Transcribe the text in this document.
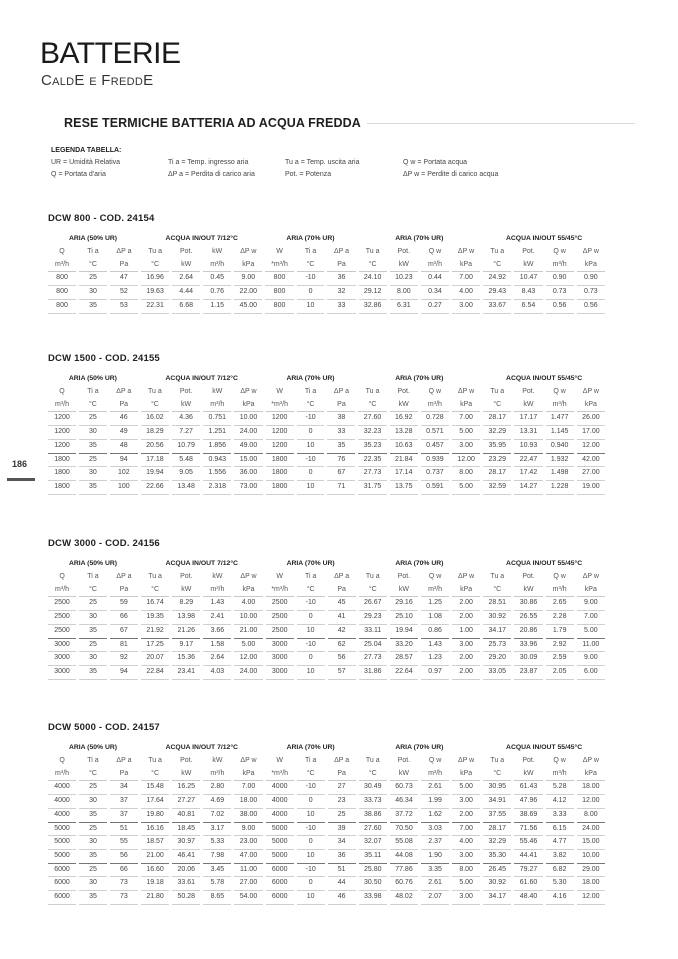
BATTERIE
CaldE e FreddE
RESE TERMICHE BATTERIA AD ACQUA FREDDA
LEGENDA TABELLA:
UR = Umidità Relativa	Ti a = Temp. ingresso aria	Tu a = Temp. uscita aria	Q w = Portata acqua
Q = Portata d'aria	ΔP a = Perdita di carico aria	Pot. = Potenza	ΔP w = Perdite di carico acqua
186
DCW 800 - COD. 24154
ARIA (50% UR)			ACQUA IN/OUT 7/12°C				ARIA (70% UR)			ARIA (70% UR)				ACQUA IN/OUT 55/45°C			
Q	Ti a	ΔP a	Tu a	Pot.	kW	ΔP w	W	Ti a	ΔP a	Tu a	Pot.	Q w	ΔP w	Tu a	Pot.	Q w	ΔP w
m³/h	°C	Pa	°C	kW	m³/h	kPa	*m³/h	°C	Pa	°C	kW	m³/h	kPa	°C	kW	m³/h	kPa
800	25	47	16.96	2.64	0.45	9.00	800	-10	36	24.10	10.23	0.44	7.00	24.92	10.47	0.90	0.90
800	30	52	19.63	4.44	0.76	22.00	800	0	32	29.12	8.00	0.34	4.00	29.43	8.43	0.73	0.73
800	35	53	22.31	6.68	1.15	45.00	800	10	33	32.86	6.31	0.27	3.00	33.67	6.54	0.56	0.56
DCW 1500 - COD. 24155
ARIA (50% UR)			ACQUA IN/OUT 7/12°C				ARIA (70% UR)			ARIA (70% UR)				ACQUA IN/OUT 55/45°C			
Q	Ti a	ΔP a	Tu a	Pot.	kW	ΔP w	W	Ti a	ΔP a	Tu a	Pot.	Q w	ΔP w	Tu a	Pot.	Q w	ΔP w
m³/h	°C	Pa	°C	kW	m³/h	kPa	*m³/h	°C	Pa	°C	kW	m³/h	kPa	°C	kW	m³/h	kPa
1200	25	46	16.02	4.36	0.751	10.00	1200	-10	38	27.60	16.92	0.728	7.00	28.17	17.17	1.477	26.00
1200	30	49	18.29	7.27	1.251	24.00	1200	0	33	32.23	13.28	0.571	5.00	32.29	13.31	1.145	17.00
1200	35	48	20.56	10.79	1.856	49.00	1200	10	35	35.23	10.63	0.457	3.00	35.95	10.93	0.940	12.00
1800	25	94	17.18	5.48	0.943	15.00	1800	-10	76	22.35	21.84	0.939	12.00	23.29	22.47	1.932	42.00
1800	30	102	19.94	9.05	1.556	36.00	1800	0	67	27.73	17.14	0.737	8.00	28.17	17.42	1.498	27.00
1800	35	100	22.66	13.48	2.318	73.00	1800	10	71	31.75	13.75	0.591	5.00	32.59	14.27	1.228	19.00
DCW 3000 - COD. 24156
ARIA (50% UR)			ACQUA IN/OUT 7/12°C				ARIA (70% UR)			ARIA (70% UR)				ACQUA IN/OUT 55/45°C			
Q	Ti a	ΔP a	Tu a	Pot.	kW	ΔP w	W	Ti a	ΔP a	Tu a	Pot.	Q w	ΔP w	Tu a	Pot.	Q w	ΔP w
m³/h	°C	Pa	°C	kW	m³/h	kPa	*m³/h	°C	Pa	°C	kW	m³/h	kPa	°C	kW	m³/h	kPa
2500	25	59	16.74	8.29	1.43	4.00	2500	-10	45	26.67	29.16	1.25	2.00	28.51	30.86	2.65	9.00
2500	30	66	19.35	13.98	2.41	10.00	2500	0	41	29.23	25.10	1.08	2.00	30.92	26.55	2.28	7.00
2500	35	67	21.92	21.26	3.66	21.00	2500	10	42	33.11	19.94	0.86	1.00	34.17	20.86	1.79	5.00
3000	25	81	17.25	9.17	1.58	5.00	3000	-10	62	25.04	33.20	1.43	3.00	25.73	33.96	2.92	11.00
3000	30	92	20.07	15.36	2.64	12.00	3000	0	56	27.73	28.57	1.23	2.00	29.20	30.09	2.59	9.00
3000	35	94	22.84	23.41	4.03	24.00	3000	10	57	31.86	22.64	0.97	2.00	33.05	23.87	2.05	6.00
DCW 5000 - COD. 24157
ARIA (50% UR)			ACQUA IN/OUT 7/12°C				ARIA (70% UR)			ARIA (70% UR)				ACQUA IN/OUT 55/45°C			
Q	Ti a	ΔP a	Tu a	Pot.	kW	ΔP w	W	Ti a	ΔP a	Tu a	Pot.	Q w	ΔP w	Tu a	Pot.	Q w	ΔP w
m³/h	°C	Pa	°C	kW	m³/h	kPa	*m³/h	°C	Pa	°C	kW	m³/h	kPa	°C	kW	m³/h	kPa
4000	25	34	15.48	16.25	2.80	7.00	4000	-10	27	30.49	60.73	2.61	5.00	30.95	61.43	5.28	18.00
4000	30	37	17.64	27.27	4.69	18.00	4000	0	23	33.73	46.34	1.99	3.00	34.91	47.96	4.12	12.00
4000	35	37	19.80	40.81	7.02	38.00	4000	10	25	38.86	37.72	1.62	2.00	37.55	38.69	3.33	8.00
5000	25	51	16.16	18.45	3.17	9.00	5000	-10	39	27.60	70.50	3.03	7.00	28.17	71.56	6.15	24.00
5000	30	55	18.57	30.97	5.33	23.00	5000	0	34	32.07	55.08	2.37	4.00	32.29	55.46	4.77	15.00
5000	35	56	21.00	46.41	7.98	47.00	5000	10	36	35.11	44.08	1.90	3.00	35.30	44.41	3.82	10.00
6000	25	66	16.60	20.06	3.45	11.00	6000	-10	51	25.80	77.86	3.35	8.00	26.45	79.27	6.82	29.00
6000	30	73	19.18	33.61	5.78	27.00	6000	0	44	30.50	60.76	2.61	5.00	30.92	61.60	5.30	18.00
6000	35	73	21.80	50.28	8.65	54.00	6000	10	46	33.98	48.02	2.07	3.00	34.17	48.40	4.16	12.00
